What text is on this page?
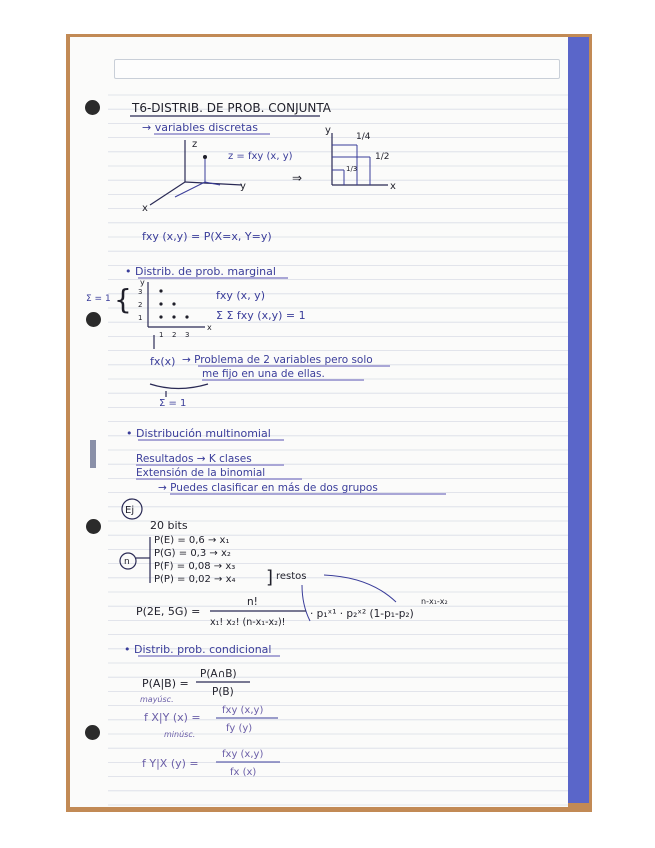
T6-DISTRIB. DE PROB. CONJUNTA
→ variables discretas
z
y
x
z = fxy (x, y)
⇒
y
x
1/4
1/2
1/3
fxy (x,y) = P(X=x, Y=y)
• Distrib. de prob. marginal
Σ = 1 { 3
2
1
1 2 3
y
x
fxy (x, y)
Σ Σ fxy (x,y) = 1
fx(x) → Problema de 2 variables pero solo
me fijo en una de ellas.
Σ = 1
• Distribución multinomial
Resultados → K clases
Extensión de la binomial
→ Puedes clasificar en más de dos grupos
Ej
20 bits
n
P(E) = 0,6 → x₁
P(G) = 0,3 → x₂
P(F) = 0,08 → x₃
P(P) = 0,02 → x₄ ] restos
P(2E, 5G) =
n!
x₁! x₂! (n-x₁-x₂)!
· p₁ˣ¹ · p₂ˣ² (1-p₁-p₂)
n-x₁-x₂
• Distrib. prob. condicional
P(A|B) =
P(A∩B)
P(B)
mayúsc.
f X|Y (x) =
fxy (x,y)
fy (y)
minúsc.
f Y|X (y) =
fxy (x,y)
fx (x)
